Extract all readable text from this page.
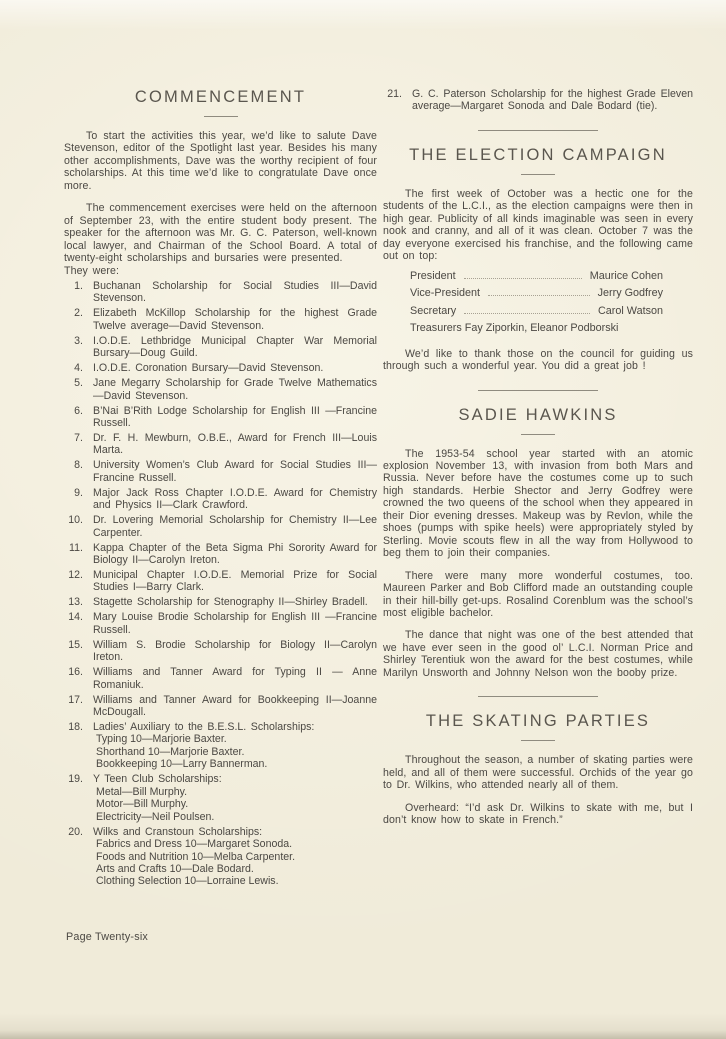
COMMENCEMENT

To start the activities this year, we’d like to salute Dave Stevenson, editor of the Spotlight last year. Besides his many other accomplishments, Dave was the worthy recipient of four scholarships. At this time we’d like to congratulate Dave once more.

The commencement exercises were held on the afternoon of September 23, with the entire student body present. The speaker for the afternoon was Mr. G. C. Paterson, well-known local lawyer, and Chairman of the School Board. A total of twenty-eight scholarships and bursaries were presented.

They were:

1. Buchanan Scholarship for Social Studies III—David Stevenson.
2. Elizabeth McKillop Scholarship for the highest Grade Twelve average—David Stevenson.
3. I.O.D.E. Lethbridge Municipal Chapter War Memorial Bursary—Doug Guild.
4. I.O.D.E. Coronation Bursary—David Stevenson.
5. Jane Megarry Scholarship for Grade Twelve Mathematics—David Stevenson.
6. B’Nai B’Rith Lodge Scholarship for English III —Francine Russell.
7. Dr. F. H. Mewburn, O.B.E., Award for French III—Louis Marta.
8. University Women’s Club Award for Social Studies III—Francine Russell.
9. Major Jack Ross Chapter I.O.D.E. Award for Chemistry and Physics II—Clark Crawford.
10. Dr. Lovering Memorial Scholarship for Chemistry II—Lee Carpenter.
11. Kappa Chapter of the Beta Sigma Phi Sorority Award for Biology II—Carolyn Ireton.
12. Municipal Chapter I.O.D.E. Memorial Prize for Social Studies I—Barry Clark.
13. Stagette Scholarship for Stenography II—Shirley Bradell.
14. Mary Louise Brodie Scholarship for English III —Francine Russell.
15. William S. Brodie Scholarship for Biology II—Carolyn Ireton.
16. Williams and Tanner Award for Typing II — Anne Romaniuk.
17. Williams and Tanner Award for Bookkeeping II—Joanne McDougall.
18. Ladies’ Auxiliary to the B.E.S.L. Scholarships:
Typing 10—Marjorie Baxter.
Shorthand 10—Marjorie Baxter.
Bookkeeping 10—Larry Bannerman.
19. Y Teen Club Scholarships:
Metal—Bill Murphy.
Motor—Bill Murphy.
Electricity—Neil Poulsen.
20. Wilks and Cranstoun Scholarships:
Fabrics and Dress 10—Margaret Sonoda.
Foods and Nutrition 10—Melba Carpenter.
Arts and Crafts 10—Dale Bodard.
Clothing Selection 10—Lorraine Lewis.
21. G. C. Paterson Scholarship for the highest Grade Eleven average—Margaret Sonoda and Dale Bodard (tie).
THE ELECTION CAMPAIGN

The first week of October was a hectic one for the students of the L.C.I., as the election campaigns were then in high gear. Publicity of all kinds imaginable was seen in every nook and cranny, and all of it was clean. October 7 was the day everyone exercised his franchise, and the following came out on top:

President	Maurice Cohen
Vice-President	Jerry Godfrey
Secretary	Carol Watson
Treasurers Fay Ziporkin, Eleanor Podborski

We’d like to thank those on the council for guiding us through such a wonderful year. You did a great job !

SADIE HAWKINS

The 1953-54 school year started with an atomic explosion November 13, with invasion from both Mars and Russia. Never before have the costumes come up to such high standards. Herbie Shector and Jerry Godfrey were crowned the two queens of the school when they appeared in their Dior evening dresses. Makeup was by Revlon, while the shoes (pumps with spike heels) were appropriately styled by Sterling. Movie scouts flew in all the way from Hollywood to beg them to join their companies.

There were many more wonderful costumes, too. Maureen Parker and Bob Clifford made an outstanding couple in their hill-billy get-ups. Rosalind Corenblum was the school’s most eligible bachelor.

The dance that night was one of the best attended that we have ever seen in the good ol’ L.C.I. Norman Price and Shirley Terentiuk won the award for the best costumes, while Marilyn Unsworth and Johnny Nelson won the booby prize.

THE SKATING PARTIES

Throughout the season, a number of skating parties were held, and all of them were successful. Orchids of the year go to Dr. Wilkins, who attended nearly all of them.

Overheard: “I’d ask Dr. Wilkins to skate with me, but I don’t know how to skate in French.”

Page Twenty-six
